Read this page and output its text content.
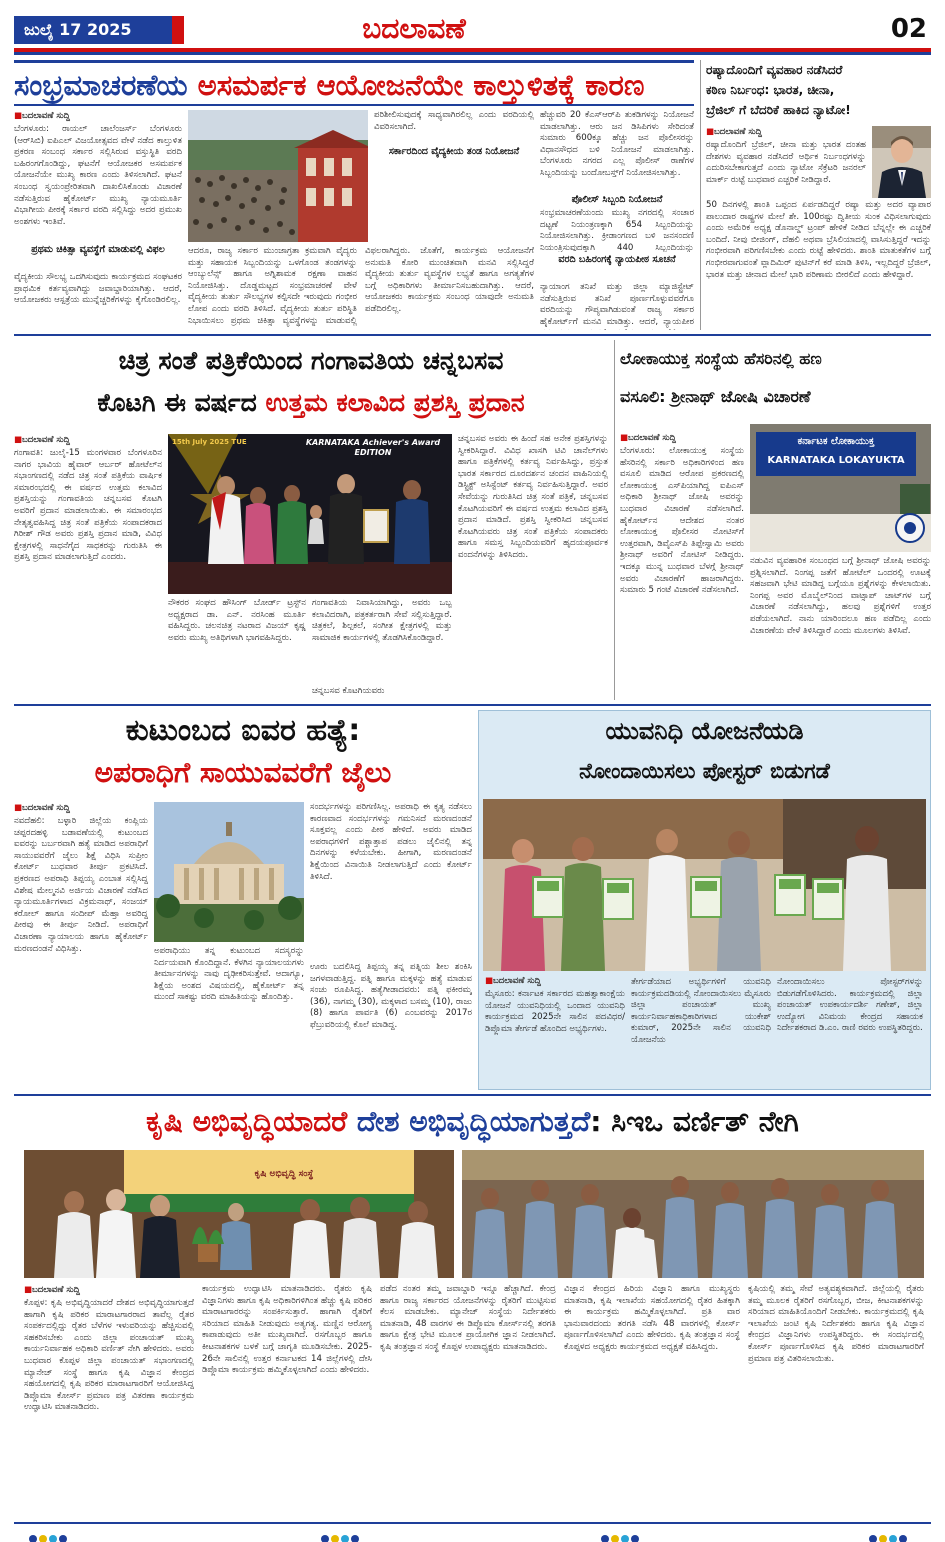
ಜುಲೈ 17 2025	ಬದಲಾವಣೆ	02
ಸಂಭ್ರಮಾಚರಣೆಯ ಅಸಮರ್ಪಕ ಆಯೋಜನೆಯೇ ಕಾಲ್ತುಳಿತಕ್ಕೆ ಕಾರಣ
■ ಬದಲಾವಣೆ ಸುದ್ದಿ
ಬೆಂಗಳೂರು: ರಾಯಲ್ ಚಾಲೆಂಜರ್ಸ್ ಬೆಂಗಳೂರು (ಆರ್‌ಸಿಬಿ) ಐಪಿಎಲ್ ವಿಜಯೋತ್ಸವದ ವೇಳೆ ನಡೆದ ಕಾಲ್ತುಳಿತ ಪ್ರಕರಣ ಸಂಬಂಧ ಸರ್ಕಾರ ಸಲ್ಲಿಸಿರುವ ವಸ್ತುಸ್ಥಿತಿ ವರದಿ ಬಹಿರಂಗಗೊಂಡಿದ್ದು, ಘಟನೆಗೆ ಆಯೋಜಕರ ಅಸಮರ್ಪಕ ಯೋಜನೆಯೇ ಮುಖ್ಯ ಕಾರಣ ಎಂದು ತಿಳಿಸಲಾಗಿದೆ. ಘಟನೆ ಸಂಬಂಧ ಸ್ವಯಂಪ್ರೇರಿತವಾಗಿ ದಾಖಲಿಸಿಕೊಂಡು ವಿಚಾರಣೆ ನಡೆಸುತ್ತಿರುವ ಹೈಕೋರ್ಟ್ ಮುಖ್ಯ ನ್ಯಾಯಮೂರ್ತಿ ವಿಭಾಗೀಯ ಪೀಠಕ್ಕೆ ಸರ್ಕಾರ ವರದಿ ಸಲ್ಲಿಸಿದ್ದು ಅದರ ಪ್ರಮುಖ ಅಂಶಗಳು ಇಂತಿವೆ.
ಪ್ರಥಮ ಚಿಕಿತ್ಸಾ ವ್ಯವಸ್ಥೆಗೆ ಮಾಡುವಲ್ಲಿ ವಿಫಲ
ವೈದ್ಯಕೀಯ ಸೌಲಭ್ಯ ಒದಗಿಸುವುದು ಕಾರ್ಯಕ್ರಮದ ಸಂಘಟಕರ ಪ್ರಾಥಮಿಕ ಕರ್ತವ್ಯವಾಗಿದ್ದು ಜವಾಬ್ದಾರಿಯಾಗಿತ್ತು. ಆದರೆ, ಆಯೋಜಕರು ಆಸ್ಪತ್ರೆಯ ಮುನ್ನೆಚ್ಚರಿಕೆಗಳನ್ನು ಕೈಗೊಂಡಿರಲಿಲ್ಲ.
ಪರಿಶೀಲಿಸುವುದಕ್ಕೆ ಸಾಧ್ಯವಾಗಿರಲಿಲ್ಲ ಎಂದು ವರದಿಯಲ್ಲಿ ವಿವರಿಸಲಾಗಿದೆ.
ಸರ್ಕಾರದಿಂದ ವೈದ್ಯಕೀಯ ತಂಡ ನಿಯೋಜನೆ
ಆದರೂ, ರಾಜ್ಯ ಸರ್ಕಾರ ಮುಂಜಾಗ್ರತಾ ಕ್ರಮವಾಗಿ ವೈದ್ಯರು ಮತ್ತು ಸಹಾಯಕ ಸಿಬ್ಬಂದಿಯನ್ನು ಒಳಗೊಂಡ ತಂಡಗಳನ್ನು ಆಂಬ್ಯುಲೆನ್ಸ್ ಹಾಗೂ ಅಗ್ನಿಶಾಮಕ ರಕ್ಷಣಾ ವಾಹನ ನಿಯೋಜಿಸಿತ್ತು. ದೊಡ್ಡಮಟ್ಟದ ಸಂಭ್ರಮಾಚರಣೆ ವೇಳೆ ವೈದ್ಯಕೀಯ ತುರ್ತು ಸೌಲಭ್ಯಗಳ ಕಲ್ಪಿಸದೇ ಇರುವುದು ಗಂಭೀರ ಲೋಪ ಎಂದು ವರದಿ ತಿಳಿಸಿದೆ. ವೈದ್ಯಕೀಯ ತುರ್ತು ಪರಿಸ್ಥಿತಿ ನಿಭಾಯಿಸಲು ಪ್ರಥಮ ಚಿಕಿತ್ಸಾ ವ್ಯವಸ್ಥೆಗಳನ್ನು ಮಾಡುವಲ್ಲಿ ವಿಫಲರಾಗಿದ್ದರು. ಜೊತೆಗೆ, ಕಾರ್ಯಕ್ರಮ ಆಯೋಜನೆಗೆ ಅನುಮತಿ ಕೋರಿ ಮುಂಚಿತವಾಗಿ ಮನವಿ ಸಲ್ಲಿಸಿದ್ದರೆ ವೈದ್ಯಕೀಯ ತುರ್ತು ವ್ಯವಸ್ಥೆಗಳ ಲಭ್ಯತೆ ಹಾಗೂ ಅಗತ್ಯತೆಗಳ ಬಗ್ಗೆ ಅಧಿಕಾರಿಗಳು ತೀರ್ಮಾನಿಸಬಹುದಾಗಿತ್ತು. ಆದರೆ, ಆಯೋಜಕರು ಕಾರ್ಯಕ್ರಮ ಸಂಬಂಧ ಯಾವುದೇ ಅನುಮತಿ ಪಡೆದಿರಲಿಲ್ಲ.
ಹೆಚ್ಚುವರಿ 20 ಕೆಎಸ್‌ಆರ್‌ಪಿ ತುಕಡಿಗಳನ್ನು ನಿಯೋಜನೆ ಮಾಡಲಾಗಿತ್ತು. ಆರು ಜನ ಡಿಸಿಪಿಗಳು ಸೇರಿದಂತೆ ಸುಮಾರು 600ಕ್ಕೂ ಹೆಚ್ಚು ಜನ ಪೊಲೀಸರನ್ನು ವಿಧಾನಸೌಧದ ಬಳಿ ನಿಯೋಜನೆ ಮಾಡಲಾಗಿತ್ತು. ಬೆಂಗಳೂರು ನಗರದ ಎಲ್ಲ ಪೊಲೀಸ್ ಠಾಣೆಗಳ ಸಿಬ್ಬಂದಿಯನ್ನು ಬಂದೋಬಸ್ತ್‌ಗೆ ನಿಯೋಜಿಸಲಾಗಿತ್ತು.
ಪೊಲೀಸ್ ಸಿಬ್ಬಂದಿ ನಿಯೋಜನೆ
ಸಂಭ್ರಮಾಚರಣೆಯಂದು ಮುಖ್ಯ ನಗರದಲ್ಲಿ ಸಂಚಾರ ದಟ್ಟಣೆ ನಿಯಂತ್ರಣಕ್ಕಾಗಿ 654 ಸಿಬ್ಬಂದಿಯನ್ನು ನಿಯೋಜಿಸಲಾಗಿತ್ತು. ಕ್ರೀಡಾಂಗಣದ ಬಳಿ ಜನಸಂದಣಿ ನಿಯಂತ್ರಿಸುವುದಕ್ಕಾಗಿ 440 ಸಿಬ್ಬಂದಿಯನ್ನು
ವರದಿ ಬಹಿರಂಗಕ್ಕೆ ನ್ಯಾಯಪೀಠ ಸೂಚನೆ
ನ್ಯಾಯಾಂಗ ತನಿಖೆ ಮತ್ತು ಜಿಲ್ಲಾ ಮ್ಯಾಜಿಸ್ಟ್ರೇಟ್ ನಡೆಸುತ್ತಿರುವ ತನಿಖೆ ಪೂರ್ಣಗೊಳ್ಳುವವರೆಗೂ ವರದಿಯನ್ನು ಗೌಪ್ಯವಾಗಿಡುವಂತೆ ರಾಜ್ಯ ಸರ್ಕಾರ ಹೈಕೋರ್ಟ್‌ಗೆ ಮನವಿ ಮಾಡಿತ್ತು. ಆದರೆ, ನ್ಯಾಯಪೀಠ
ರಷ್ಯಾದೊಂದಿಗೆ ವ್ಯವಹಾರ ನಡೆಸಿದರೆ
ಕಠಿಣ ನಿರ್ಬಂಧ: ಭಾರತ, ಚೀನಾ,
ಬ್ರೆಜಿಲ್ ಗೆ ಬೆದರಿಕೆ ಹಾಕಿದ ನ್ಯಾಟೋ!
■ ಬದಲಾವಣೆ ಸುದ್ದಿ
ರಷ್ಯಾದೊಂದಿಗೆ ಬ್ರೆಜಿಲ್, ಚೀನಾ ಮತ್ತು ಭಾರತ ದಂತಹ ದೇಶಗಳು ವ್ಯವಹಾರ ನಡೆಸಿದರೆ ಆರ್ಥಿಕ ನಿರ್ಬಂಧಗಳನ್ನು ಎದುರಿಸಬೇಕಾಗುತ್ತದೆ ಎಂದು ನ್ಯಾಟೋ ಸೆಕ್ರೆಟರಿ ಜನರಲ್ ಮಾರ್ಕ್ ರುಟ್ಟೆ ಬುಧವಾರ ಎಚ್ಚರಿಕೆ ನೀಡಿದ್ದಾರೆ.
50 ದಿನಗಳಲ್ಲಿ ಶಾಂತಿ ಒಪ್ಪಂದ ಏರ್ಪಡದಿದ್ದರೆ ರಷ್ಯಾ ಮತ್ತು ಅದರ ವ್ಯಾಪಾರ ಪಾಲುದಾರ ರಾಷ್ಟ್ರಗಳ ಮೇಲೆ ಶೇ. 100ರಷ್ಟು ದ್ವಿತೀಯ ಸುಂಕ ವಿಧಿಸಲಾಗುವುದು ಎಂದು ಅಮೆರಿಕ ಅಧ್ಯಕ್ಷ ಡೊನಾಲ್ಡ್ ಟ್ರಂಪ್ ಹೇಳಿಕೆ ನೀಡಿದ ಬೆನ್ನಲ್ಲೇ ಈ ಎಚ್ಚರಿಕೆ ಬಂದಿದೆ. ನೀವು ಬೀಜಿಂಗ್, ದೆಹಲಿ ಅಥವಾ ಬ್ರೆಸಿಲಿಯಾದಲ್ಲಿ ವಾಸಿಸುತ್ತಿದ್ದರೆ ಇದನ್ನು ಗಂಭೀರವಾಗಿ ಪರಿಗಣಿಸಬೇಕು ಎಂದು ರುಟ್ಟೆ ಹೇಳಿದರು. ಶಾಂತಿ ಮಾತುಕತೆಗಳ ಬಗ್ಗೆ ಗಂಭೀರವಾಗುವಂತೆ ವ್ಲಾದಿಮಿರ್ ಪುಟಿನ್‌ಗೆ ಕರೆ ಮಾಡಿ ತಿಳಿಸಿ, ಇಲ್ಲದಿದ್ದರೆ ಬ್ರೆಜಿಲ್, ಭಾರತ ಮತ್ತು ಚೀನಾದ ಮೇಲೆ ಭಾರಿ ಪರಿಣಾಮ ಬೀರಲಿದೆ ಎಂದು ಹೇಳಿದ್ದಾರೆ.
ಚಿತ್ರ ಸಂತೆ ಪತ್ರಿಕೆಯಿಂದ ಗಂಗಾವತಿಯ ಚನ್ನಬಸವ
ಕೊಟಗಿ ಈ ವರ್ಷದ ಉತ್ತಮ ಕಲಾವಿದ ಪ್ರಶಸ್ತಿ ಪ್ರದಾನ
■ ಬದಲಾವಣೆ ಸುದ್ದಿ
ಗಂಗಾವತಿ: ಜುಲೈ-15 ಮಂಗಳವಾರ ಬೆಂಗಳೂರಿನ ನಾಗರ ಭಾವಿಯ ಹೈವಾರ್ ಆರ್ಬರ್ ಹೋಟೆಲ್‌ನ ಸಭಾಂಗಣದಲ್ಲಿ ನಡೆದ ಚಿತ್ರ ಸಂತೆ ಪತ್ರಿಕೆಯ ವಾರ್ಷಿಕ ಸಮಾರಂಭದಲ್ಲಿ ಈ ವರ್ಷದ ಉತ್ತಮ ಕಲಾವಿದ ಪ್ರಶಸ್ತಿಯನ್ನು ಗಂಗಾವತಿಯ ಚನ್ನಬಸವ ಕೊಟಗಿ ಅವರಿಗೆ ಪ್ರದಾನ ಮಾಡಲಾಯಿತು. ಈ ಸಮಾರಂಭದ ನೇತೃತ್ವವಹಿಸಿದ್ದ ಚಿತ್ರ ಸಂತೆ ಪತ್ರಿಕೆಯ ಸಂಪಾದಕರಾದ ಗಿರೀಶ್ ಗೌಡ ಅವರು ಪ್ರಶಸ್ತಿ ಪ್ರದಾನ ಮಾಡಿ, ವಿವಿಧ ಕ್ಷೇತ್ರಗಳಲ್ಲಿ ಸಾಧನೆಗೈದ ಸಾಧಕರನ್ನು ಗುರುತಿಸಿ ಈ ಪ್ರಶಸ್ತಿ ಪ್ರದಾನ ಮಾಡಲಾಗುತ್ತಿದೆ ಎಂದರು.
15th July 2025 TUE	KARNATAKA Achiever's Award EDITION
ನೌಕರರ ಸಂಘದ ಹೌಸಿಂಗ್ ಬೋರ್ಡ್ ಟ್ರಸ್ಟ್‌ನ ಅಧ್ಯಕ್ಷರಾದ ಡಾ. ಎನ್. ನರಸಿಂಹ ಮೂರ್ತಿ ವಹಿಸಿದ್ದರು. ಚಲನಚಿತ್ರ ನಟರಾದ ವಿಜಯ್ ಕೃಷ್ಣ ಅವರು ಮುಖ್ಯ ಅತಿಥಿಗಳಾಗಿ ಭಾಗವಹಿಸಿದ್ದರು.
ಗಂಗಾವತಿಯ ನಿವಾಸಿಯಾಗಿದ್ದು, ಅವರು ಒಬ್ಬ ಕಲಾವಿದರಾಗಿ, ಪತ್ರಕರ್ತರಾಗಿ ಸೇವೆ ಸಲ್ಲಿಸುತ್ತಿದ್ದಾರೆ. ಚಿತ್ರಕಲೆ, ಶಿಲ್ಪಕಲೆ, ಸಂಗೀತ ಕ್ಷೇತ್ರಗಳಲ್ಲಿ ಮತ್ತು ಸಾಮಾಜಿಕ ಕಾರ್ಯಗಳಲ್ಲಿ ತೊಡಗಿಸಿಕೊಂಡಿದ್ದಾರೆ.
ಚನ್ನಬಸವ ಕೊಟಗಿಯವರು
ಚನ್ನಬಸವ ಅವರು ಈ ಹಿಂದೆ ಸಹ ಅನೇಕ ಪ್ರಶಸ್ತಿಗಳನ್ನು ಸ್ವೀಕರಿಸಿದ್ದಾರೆ. ವಿವಿಧ ಖಾಸಗಿ ಟಿವಿ ಚಾನೆಲ್‌ಗಳು ಹಾಗೂ ಪತ್ರಿಕೆಗಳಲ್ಲಿ ಕರ್ತವ್ಯ ನಿರ್ವಹಿಸಿದ್ದು, ಪ್ರಸ್ತುತ ಭಾರತ ಸರ್ಕಾರದ ದೂರದರ್ಶನ ಚಂದನ ವಾಹಿನಿಯಲ್ಲಿ ಡಿಸ್ಟ್ರಿಕ್ಟ್ ಅಸಿಸ್ಟೆಂಟ್ ಕರ್ತವ್ಯ ನಿರ್ವಹಿಸುತ್ತಿದ್ದಾರೆ. ಅವರ ಸೇವೆಯನ್ನು ಗುರುತಿಸಿದ ಚಿತ್ರ ಸಂತೆ ಪತ್ರಿಕೆ, ಚನ್ನಬಸವ ಕೊಟಗಿಯವರಿಗೆ ಈ ವರ್ಷದ ಉತ್ತಮ ಕಲಾವಿದ ಪ್ರಶಸ್ತಿ ಪ್ರದಾನ ಮಾಡಿದೆ. ಪ್ರಶಸ್ತಿ ಸ್ವೀಕರಿಸಿದ ಚನ್ನಬಸವ ಕೊಟಗಿಯವರು ಚಿತ್ರ ಸಂತೆ ಪತ್ರಿಕೆಯ ಸಂಪಾದಕರು ಹಾಗೂ ಸಮಸ್ತ ಸಿಬ್ಬಂದಿಯವರಿಗೆ ಹೃದಯಪೂರ್ವಕ ವಂದನೆಗಳನ್ನು ತಿಳಿಸಿದರು.
ಲೋಕಾಯುಕ್ತ ಸಂಸ್ಥೆಯ ಹೆಸರಿನಲ್ಲಿ ಹಣ
ವಸೂಲಿ: ಶ್ರೀನಾಥ್ ಜೋಷಿ ವಿಚಾರಣೆ
■ ಬದಲಾವಣೆ ಸುದ್ದಿ
ಬೆಂಗಳೂರು: ಲೋಕಾಯುಕ್ತ ಸಂಸ್ಥೆಯ ಹೆಸರಿನಲ್ಲಿ ಸರ್ಕಾರಿ ಅಧಿಕಾರಿಗಳಿಂದ ಹಣ ವಸೂಲಿ ಮಾಡಿದ ಆರೋಪ ಪ್ರಕರಣದಲ್ಲಿ ಲೋಕಾಯುಕ್ತ ಎಸ್‌ಪಿಯಾಗಿದ್ದ ಐಪಿಎಸ್ ಅಧಿಕಾರಿ ಶ್ರೀನಾಥ್ ಜೋಷಿ ಅವರನ್ನು ಬುಧವಾರ ವಿಚಾರಣೆ ನಡೆಸಲಾಗಿದೆ. ಹೈಕೋರ್ಟ್‌ನ ಆದೇಶದ ನಂತರ ಲೋಕಾಯುಕ್ತ ಪೊಲೀಸರ ನೋಟಿಸ್‌ಗೆ ಉತ್ತರವಾಗಿ, ಡಿವೈಎಸ್‌ಪಿ ತಿಪ್ಪೇಸ್ವಾಮಿ ಅವರು ಶ್ರೀನಾಥ್ ಅವರಿಗೆ ನೋಟಿಸ್ ನೀಡಿದ್ದರು. ಇದಕ್ಕೂ ಮುನ್ನ ಬುಧವಾರ ಬೆಳಗ್ಗೆ ಶ್ರೀನಾಥ್ ಅವರು ವಿಚಾರಣೆಗೆ ಹಾಜರಾಗಿದ್ದರು. ಸುಮಾರು 5 ಗಂಟೆ ವಿಚಾರಣೆ ನಡೆಸಲಾಗಿದೆ.
ಕರ್ನಾಟಕ ಲೋಕಾಯುಕ್ತ
KARNATAKA LOKAYUKTA
ನಡುವಿನ ವ್ಯವಹಾರಿಕ ಸಂಬಂಧದ ಬಗ್ಗೆ ಶ್ರೀನಾಥ್ ಜೋಷಿ ಅವರನ್ನು ಪ್ರಶ್ನಿಸಲಾಗಿದೆ. ನಿಂಗಪ್ಪ ಜತೆಗೆ ಹೋಟೆಲ್ ಒಂದರಲ್ಲಿ ಊಟಕ್ಕೆ ಸಹಜವಾಗಿ ಭೇಟಿ ಮಾಡಿದ್ದ ಬಗ್ಗೆಯೂ ಪ್ರಶ್ನೆಗಳನ್ನು ಕೇಳಲಾಯಿತು. ನಿಂಗಪ್ಪ ಅವರ ಮೊಬೈಲ್‌ನಿಂದ ವಾಟ್ಸಾಪ್ ಚಾಟ್‌ಗಳ ಬಗ್ಗೆ ವಿಚಾರಣೆ ನಡೆಸಲಾಗಿದ್ದು, ಹಲವು ಪ್ರಶ್ನೆಗಳಿಗೆ ಉತ್ತರ ಪಡೆಯಲಾಗಿದೆ. ನಾನು ಯಾರಿಂದಲೂ ಹಣ ಪಡೆದಿಲ್ಲ ಎಂದು ವಿಚಾರಣೆಯ ವೇಳೆ ತಿಳಿಸಿದ್ದಾರೆ ಎಂದು ಮೂಲಗಳು ತಿಳಿಸಿವೆ.
ಕುಟುಂಬದ ಐವರ ಹತ್ಯೆ:
ಅಪರಾಧಿಗೆ ಸಾಯುವವರೆಗೆ ಜೈಲು
■ ಬದಲಾವಣೆ ಸುದ್ದಿ
ನವದೆಹಲಿ: ಬಳ್ಳಾರಿ ಜಿಲ್ಲೆಯ ಕಂಪ್ಲಿಯ ಚಪ್ಪರದಹಳ್ಳಿ ಬಡಾವಣೆಯಲ್ಲಿ ಕುಟುಂಬದ ಐವರನ್ನು ಬರ್ಬರವಾಗಿ ಹತ್ಯೆ ಮಾಡಿದ ಅಪರಾಧಿಗೆ ಸಾಯುವವರೆಗೆ ಜೈಲು ಶಿಕ್ಷೆ ವಿಧಿಸಿ ಸುಪ್ರೀಂ ಕೋರ್ಟ್ ಬುಧವಾರ ತೀರ್ಪು ಪ್ರಕಟಿಸಿದೆ. ಪ್ರಕರಣದ ಅಪರಾಧಿ ತಿಪ್ಪಯ್ಯ ಎಂಬಾತ ಸಲ್ಲಿಸಿದ್ದ ವಿಶೇಷ ಮೇಲ್ಮನವಿ ಅರ್ಜಿಯ ವಿಚಾರಣೆ ನಡೆಸಿದ ನ್ಯಾಯಮೂರ್ತಿಗಳಾದ ವಿಕ್ರಮನಾಥ್, ಸಂಜಯ್ ಕರೋಲ್ ಹಾಗೂ ಸಂದೀಪ್ ಮೆಹ್ತಾ ಅವರಿದ್ದ ಪೀಠವು ಈ ತೀರ್ಪು ನೀಡಿದೆ. ಅಪರಾಧಿಗೆ ವಿಚಾರಣಾ ನ್ಯಾಯಾಲಯ ಹಾಗೂ ಹೈಕೋರ್ಟ್ ಮರಣದಂಡನೆ ವಿಧಿಸಿತ್ತು.	ಅಪರಾಧಿಯು ತನ್ನ ಕುಟುಂಬದ ಸದಸ್ಯರನ್ನು ನಿರ್ದಯವಾಗಿ ಕೊಂದಿದ್ದಾನೆ. ಕೆಳಗಿನ ನ್ಯಾಯಾಲಯಗಳು ತೀರ್ಮಾನಗಳನ್ನು ನಾವು ದೃಢೀಕರಿಸುತ್ತೇವೆ. ಆದಾಗ್ಯೂ, ಶಿಕ್ಷೆಯ ಅಂಶದ ವಿಷಯದಲ್ಲಿ, ಹೈಕೋರ್ಟ್ ತನ್ನ ಮುಂದೆ ಸಾಕಷ್ಟು ವರದಿ ಮಾಹಿತಿಯನ್ನು ಹೊಂದಿತ್ತು.
ಸಂದರ್ಭಗಳನ್ನು ಪರಿಗಣಿಸಿಲ್ಲ. ಅಪರಾಧಿ ಈ ಕೃತ್ಯ ನಡೆಸಲು ಕಾರಣವಾದ ಸಂದರ್ಭಗಳನ್ನು ಗಮನಿಸದೆ ಮರಣದಂಡನೆ ಸೂಕ್ತವಲ್ಲ ಎಂದು ಪೀಠ ಹೇಳಿದೆ. ಅವರು ಮಾಡಿದ ಅಪರಾಧಗಳಿಗೆ ಪಶ್ಚಾತ್ತಾಪ ಪಡಲು ಜೈಲಿನಲ್ಲಿ ತನ್ನ ದಿನಗಳನ್ನು ಕಳೆಯಬೇಕು. ಹೀಗಾಗಿ, ಮರಣದಂಡನೆ ಶಿಕ್ಷೆಯಿಂದ ವಿನಾಯಿತಿ ನೀಡಲಾಗುತ್ತಿದೆ ಎಂದು ಕೋರ್ಟ್ ತಿಳಿಸಿದೆ.
ಊರು ಬದಲಿಸಿದ್ದ ತಿಪ್ಪಯ್ಯ ತನ್ನ ಪತ್ನಿಯ ಶೀಲ ಶಂಕಿಸಿ ಜಗಳವಾಡುತ್ತಿದ್ದ. ಪತ್ನಿ ಹಾಗೂ ಮಕ್ಕಳನ್ನು ಹತ್ಯೆ ಮಾಡುವ ಸಂಚು ರೂಪಿಸಿದ್ದ. ಹತ್ಯೆಗೀಡಾದವರು: ಪತ್ನಿ ಫಕೀರಮ್ಮ (36), ನಾಗಮ್ಮ (30), ಮಕ್ಕಳಾದ ಬಸಮ್ಮ (10), ರಾಜು (8) ಹಾಗೂ ಪಾರ್ವತಿ (6) ಎಂಬವರನ್ನು 2017ರ ಫೆಬ್ರುವರಿಯಲ್ಲಿ ಕೊಲೆ ಮಾಡಿದ್ದ.
ಯುವನಿಧಿ ಯೋಜನೆಯಡಿ
ನೋಂದಾಯಿಸಲು ಪೋಸ್ಟರ್ ಬಿಡುಗಡೆ
■ ಬದಲಾವಣೆ ಸುದ್ದಿ
ಮೈಸೂರು: ಕರ್ನಾಟಕ ಸರ್ಕಾರದ ಮಹತ್ವಾಕಾಂಕ್ಷೆಯ ಯೋಜನೆ ಯುವನಿಧಿಯಲ್ಲಿ ಒಂದಾದ ಯುವನಿಧಿ ಕಾರ್ಯಕ್ರಮದ 2025ನೇ ಸಾಲಿನ ಪದವಿಧರ/ ಡಿಪ್ಲೊಮಾ ತೇರ್ಗಡೆ ಹೊಂದಿದ ಅಭ್ಯರ್ಥಿಗಳು.
ತೇರ್ಗಡೆಯಾದ ಅಭ್ಯರ್ಥಿಗಳಿಗೆ ಯುವನಿಧಿ ಕಾರ್ಯಕ್ರಮದಡಿಯಲ್ಲಿ ನೋಂದಾಯಿಸಲು ಮೈಸೂರು ಜಿಲ್ಲಾ ಪಂಚಾಯತ್ ಮುಖ್ಯ ಕಾರ್ಯನಿರ್ವಾಹಕಾಧಿಕಾರಿಗಳಾದ ಯುಕೇಶ್ ಕುಮಾರ್, 2025ನೇ ಸಾಲಿನ ಯುವನಿಧಿ ಯೋಜನೆಯ
ನೋಂದಾಯಿಸಲು ಪೋಸ್ಟರ್‌ಗಳನ್ನು ಬಿಡುಗಡೆಗೊಳಿಸಿದರು. ಕಾರ್ಯಕ್ರಮದಲ್ಲಿ ಜಿಲ್ಲಾ ಪಂಚಾಯತ್ ಉಪಕಾರ್ಯದರ್ಶಿ ಗಣೇಶ್, ಜಿಲ್ಲಾ ಉದ್ಯೋಗ ವಿನಿಮಯ ಕೇಂದ್ರದ ಸಹಾಯಕ ನಿರ್ದೇಶಕರಾದ ಡಿ.ಎಂ. ರಾಣಿ ರವರು ಉಪಸ್ಥಿತರಿದ್ದರು.
ಕೃಷಿ ಅಭಿವೃದ್ಧಿಯಾದರೆ ದೇಶ ಅಭಿವೃದ್ಧಿಯಾಗುತ್ತದೆ: ಸಿಇಒ ವರ್ಣಿತ್ ನೇಗಿ
ಕೃಷಿ ಅಭಿವೃದ್ಧಿ ಸಂಸ್ಥೆ
■ ಬದಲಾವಣೆ ಸುದ್ದಿ
ಕೊಪ್ಪಳ: ಕೃಷಿ ಅಭಿವೃದ್ಧಿಯಾದರೆ ದೇಶದ ಅಭಿವೃದ್ಧಿಯಾಗುತ್ತದೆ ಹಾಗಾಗಿ ಕೃಷಿ ಪರಿಕರ ಮಾರಾಟಗಾರರಾದ ತಾವೆಲ್ಲ ರೈತರ ಸಂಪರ್ಕದಲ್ಲಿದ್ದು ರೈತರ ಬೆಳೆಗಳ ಇಳುವರಿಯನ್ನು ಹೆಚ್ಚಿಸುವಲ್ಲಿ ಸಹಕರಿಸಬೇಕು ಎಂದು ಜಿಲ್ಲಾ ಪಂಚಾಯತ್ ಮುಖ್ಯ ಕಾರ್ಯನಿರ್ವಾಹಕ ಅಧಿಕಾರಿ ವರ್ಣಿತ್ ನೇಗಿ ಹೇಳಿದರು. ಅವರು ಬುಧವಾರ ಕೊಪ್ಪಳ ಜಿಲ್ಲಾ ಪಂಚಾಯತ್ ಸಭಾಂಗಣದಲ್ಲಿ ಮ್ಯಾನೇಜ್ ಸಂಸ್ಥೆ ಹಾಗೂ ಕೃಷಿ ವಿಜ್ಞಾನ ಕೇಂದ್ರದ ಸಹಯೋಗದಲ್ಲಿ ಕೃಷಿ ಪರಿಕರ ಮಾರಾಟಗಾರರಿಗೆ ಆಯೋಜಿಸಿದ್ದ ಡಿಪ್ಲೊಮಾ ಕೋರ್ಸ್ ಪ್ರಮಾಣ ಪತ್ರ ವಿತರಣಾ ಕಾರ್ಯಕ್ರಮ ಉದ್ಘಾಟಿಸಿ ಮಾತನಾಡಿದರು.
ಕಾರ್ಯಕ್ರಮ ಉದ್ಘಾಟಿಸಿ ಮಾತನಾಡಿದರು. ರೈತರು ಕೃಷಿ ವಿಜ್ಞಾನಿಗಳು ಹಾಗೂ ಕೃಷಿ ಅಧಿಕಾರಿಗಳಿಗಿಂತ ಹೆಚ್ಚು ಕೃಷಿ ಪರಿಕರ ಮಾರಾಟಗಾರರನ್ನು ಸಂಪರ್ಕಿಸುತ್ತಾರೆ. ಹಾಗಾಗಿ ರೈತರಿಗೆ ಸರಿಯಾದ ಮಾಹಿತಿ ನೀಡುವುದು ಅತ್ಯಗತ್ಯ. ಮಣ್ಣಿನ ಆರೋಗ್ಯ ಕಾಪಾಡುವುದು ಅತೀ ಮುಖ್ಯವಾಗಿದೆ. ರಸಗೊಬ್ಬರ ಹಾಗೂ ಕೀಟನಾಶಕಗಳ ಬಳಕೆ ಬಗ್ಗೆ ಜಾಗೃತಿ ಮೂಡಿಸಬೇಕು. 2025-26ನೇ ಸಾಲಿನಲ್ಲಿ ಉತ್ತರ ಕರ್ನಾಟಕದ 14 ಜಿಲ್ಲೆಗಳಲ್ಲಿ ದೇಸಿ ಡಿಪ್ಲೊಮಾ ಕಾರ್ಯಕ್ರಮ ಹಮ್ಮಿಕೊಳ್ಳಲಾಗಿದೆ ಎಂದು ಹೇಳಿದರು.
ಪಡೆದ ನಂತರ ತಮ್ಮ ಜವಾಬ್ದಾರಿ ಇನ್ನೂ ಹೆಚ್ಚಾಗಿದೆ. ಕೇಂದ್ರ ಹಾಗೂ ರಾಜ್ಯ ಸರ್ಕಾರದ ಯೋಜನೆಗಳನ್ನು ರೈತರಿಗೆ ಮುಟ್ಟಿಸುವ ಕೆಲಸ ಮಾಡಬೇಕು. ಮ್ಯಾನೇಜ್ ಸಂಸ್ಥೆಯ ನಿರ್ದೇಶಕರು ಮಾತನಾಡಿ, 48 ವಾರಗಳ ಈ ಡಿಪ್ಲೊಮಾ ಕೋರ್ಸ್‌ನಲ್ಲಿ ತರಗತಿ ಹಾಗೂ ಕ್ಷೇತ್ರ ಭೇಟಿ ಮೂಲಕ ಪ್ರಾಯೋಗಿಕ ಜ್ಞಾನ ನೀಡಲಾಗಿದೆ. ಕೃಷಿ ತಂತ್ರಜ್ಞಾನ ಸಂಸ್ಥೆ ಕೊಪ್ಪಳ ಉಪಾಧ್ಯಕ್ಷರು ಮಾತನಾಡಿದರು.
ವಿಜ್ಞಾನ ಕೇಂದ್ರದ ಹಿರಿಯ ವಿಜ್ಞಾನಿ ಹಾಗೂ ಮುಖ್ಯಸ್ಥರು ಮಾತನಾಡಿ, ಕೃಷಿ ಇಲಾಖೆಯ ಸಹಯೋಗದಲ್ಲಿ ರೈತರ ಹಿತಕ್ಕಾಗಿ ಈ ಕಾರ್ಯಕ್ರಮ ಹಮ್ಮಿಕೊಳ್ಳಲಾಗಿದೆ. ಪ್ರತಿ ವಾರ ಭಾನುವಾರದಂದು ತರಗತಿ ನಡೆಸಿ 48 ವಾರಗಳಲ್ಲಿ ಕೋರ್ಸ್ ಪೂರ್ಣಗೊಳಿಸಲಾಗಿದೆ ಎಂದು ಹೇಳಿದರು. ಕೃಷಿ ತಂತ್ರಜ್ಞಾನ ಸಂಸ್ಥೆ ಕೊಪ್ಪಳದ ಅಧ್ಯಕ್ಷರು ಕಾರ್ಯಕ್ರಮದ ಅಧ್ಯಕ್ಷತೆ ವಹಿಸಿದ್ದರು.
ಕೃಷಿಯಲ್ಲಿ ತಮ್ಮ ಸೇವೆ ಅತ್ಯವಶ್ಯಕವಾಗಿದೆ. ಜಿಲ್ಲೆಯಲ್ಲಿ ರೈತರು ತಮ್ಮ ಮೂಲಕ ರೈತರಿಗೆ ರಸಗೊಬ್ಬರ, ಬೀಜ, ಕೀಟನಾಶಕಗಳನ್ನು ಸರಿಯಾದ ಮಾಹಿತಿಯೊಂದಿಗೆ ನೀಡಬೇಕು. ಕಾರ್ಯಕ್ರಮದಲ್ಲಿ ಕೃಷಿ ಇಲಾಖೆಯ ಜಂಟಿ ಕೃಷಿ ನಿರ್ದೇಶಕರು ಹಾಗೂ ಕೃಷಿ ವಿಜ್ಞಾನ ಕೇಂದ್ರದ ವಿಜ್ಞಾನಿಗಳು ಉಪಸ್ಥಿತರಿದ್ದರು. ಈ ಸಂದರ್ಭದಲ್ಲಿ ಕೋರ್ಸ್ ಪೂರ್ಣಗೊಳಿಸಿದ ಕೃಷಿ ಪರಿಕರ ಮಾರಾಟಗಾರರಿಗೆ ಪ್ರಮಾಣ ಪತ್ರ ವಿತರಿಸಲಾಯಿತು.
